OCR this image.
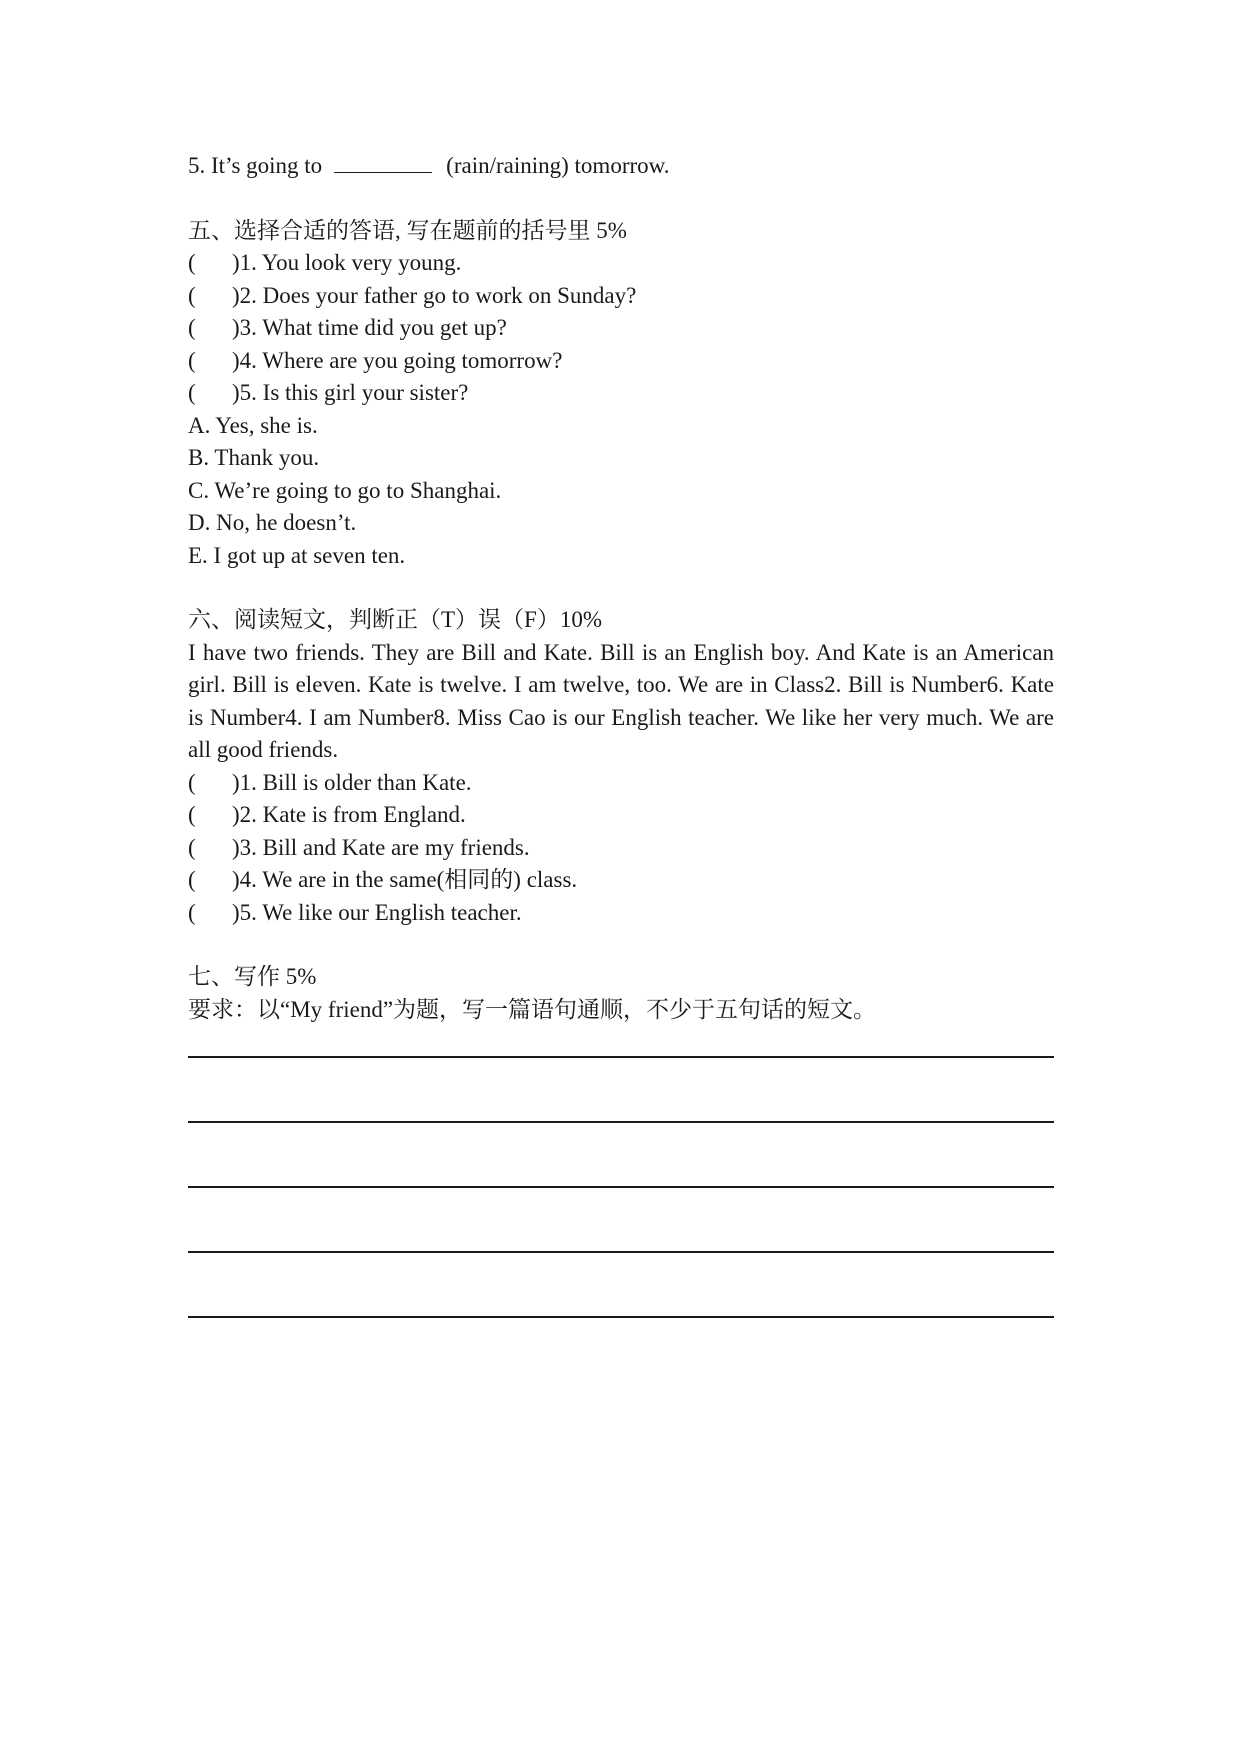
5. It’s going to	(rain/raining) tomorrow.
五、选择合适的答语, 写在题前的括号里 5%
( )1. You look very young.
( )2. Does your father go to work on Sunday?
( )3. What time did you get up?
( )4. Where are you going tomorrow?
( )5. Is this girl your sister?
A. Yes, she is.
B. Thank you.
C. We’re going to go to Shanghai.
D. No, he doesn’t.
E. I got up at seven ten.
六、阅读短文，判断正（T）误（F）10%
I have two friends. They are Bill and Kate. Bill is an English boy. And Kate is an American girl. Bill is eleven. Kate is twelve. I am twelve, too. We are in Class2. Bill is Number6. Kate is Number4. I am Number8. Miss Cao is our English teacher. We like her very much. We are all good friends.
( )1. Bill is older than Kate.
( )2. Kate is from England.
( )3. Bill and Kate are my friends.
( )4. We are in the same(相同的) class.
( )5. We like our English teacher.
七、写作 5%
要求：以“My friend”为题，写一篇语句通顺，不少于五句话的短文。
